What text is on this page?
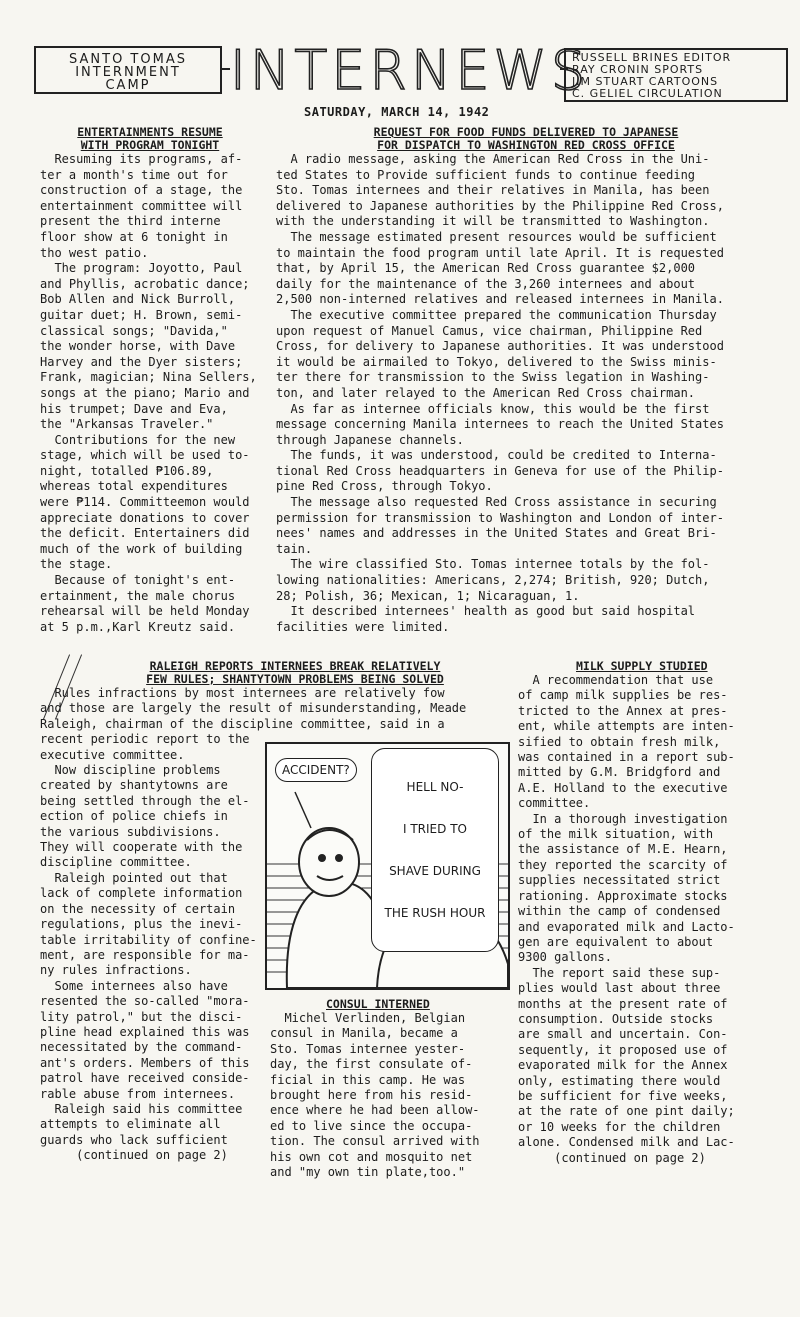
SANTO TOMAS
INTERNMENT
CAMP	INTERNEWS
RUSSELL BRINES EDITOR
RAY CRONIN SPORTS
JIM STUART CARTOONS
C. GELIEL CIRCULATION
SATURDAY, MARCH 14, 1942
ENTERTAINMENTS RESUME
WITH PROGRAM TONIGHT

Resuming its programs, af-

ter a month's time out for

construction of a stage, the

entertainment committee will

present the third interne

floor show at 6 tonight in

tho west patio.

The program: Joyotto, Paul

and Phyllis, acrobatic dance;

Bob Allen and Nick Burroll,

guitar duet; H. Brown, semi-

classical songs; "Davida,"

the wonder horse, with Dave

Harvey and the Dyer sisters;

Frank, magician; Nina Sellers,

songs at the piano; Mario and

his trumpet; Dave and Eva,

the "Arkansas Traveler."

Contributions for the new

stage, which will be used to-

night, totalled ₱106.89,

whereas total expenditures

were ₱114. Committeemon would

appreciate donations to cover

the deficit. Entertainers did

much of the work of building

the stage.

Because of tonight's ent-

ertainment, the male chorus

rehearsal will be held Monday

at 5 p.m.,Karl Kreutz said.

REQUEST FOR FOOD FUNDS DELIVERED TO JAPANESE
FOR DISPATCH TO WASHINGTON RED CROSS OFFICE

A radio message, asking the American Red Cross in the Uni-

ted States to Provide sufficient funds to continue feeding

Sto. Tomas internees and their relatives in Manila, has been

delivered to Japanese authorities by the Philippine Red Cross,

with the understanding it will be transmitted to Washington.

The message estimated present resources would be sufficient

to maintain the food program until late April. It is requested

that, by April 15, the American Red Cross guarantee $2,000

daily for the maintenance of the 3,260 internees and about

2,500 non-interned relatives and released internees in Manila.

The executive committee prepared the communication Thursday

upon request of Manuel Camus, vice chairman, Philippine Red

Cross, for delivery to Japanese authorities. It was understood

it would be airmailed to Tokyo, delivered to the Swiss minis-

ter there for transmission to the Swiss legation in Washing-

ton, and later relayed to the American Red Cross chairman.

As far as internee officials know, this would be the first

message concerning Manila internees to reach the United States

through Japanese channels.

The funds, it was understood, could be credited to Interna-

tional Red Cross headquarters in Geneva for use of the Philip-

pine Red Cross, through Tokyo.

The message also requested Red Cross assistance in securing

permission for transmission to Washington and London of inter-

nees' names and addresses in the United States and Great Bri-

tain.

The wire classified Sto. Tomas internee totals by the fol-

lowing nationalities: Americans, 2,274; British, 920; Dutch,

28; Polish, 36; Mexican, 1; Nicaraguan, 1.

It described internees' health as good but said hospital

facilities were limited.

RALEIGH REPORTS INTERNEES BREAK RELATIVELY
FEW RULES; SHANTYTOWN PROBLEMS BEING SOLVED

Rules infractions by most internees are relatively fow

and those are largely the result of misunderstanding, Meade

Raleigh, chairman of the discipline committee, said in a

recent periodic report to the

executive committee.

Now discipline problems

created by shantytowns are

being settled through the el-

ection of police chiefs in

the various subdivisions.

They will cooperate with the

discipline committee.

Raleigh pointed out that

lack of complete information

on the necessity of certain

regulations, plus the inevi-

table irritability of confine-

ment, are responsible for ma-

ny rules infractions.

Some internees also have

resented the so-called "mora-

lity patrol," but the disci-

pline head explained this was

necessitated by the command-

ant's orders. Members of this

patrol have received conside-

rable abuse from internees.

Raleigh said his committee

attempts to eliminate all

guards who lack sufficient

(continued on page 2)

ACCIDENT?

HELL NO-

I TRIED TO

SHAVE DURING

THE RUSH HOUR

CONSUL INTERNED

Michel Verlinden, Belgian

consul in Manila, became a

Sto. Tomas internee yester-

day, the first consulate of-

ficial in this camp. He was

brought here from his resid-

ence where he had been allow-

ed to live since the occupa-

tion. The consul arrived with

his own cot and mosquito net

and "my own tin plate,too."

MILK SUPPLY STUDIED

A recommendation that use

of camp milk supplies be res-

tricted to the Annex at pres-

ent, while attempts are inten-

sified to obtain fresh milk,

was contained in a report sub-

mitted by G.M. Bridgford and

A.E. Holland to the executive

committee.

In a thorough investigation

of the milk situation, with

the assistance of M.E. Hearn,

they reported the scarcity of

supplies necessitated strict

rationing. Approximate stocks

within the camp of condensed

and evaporated milk and Lacto-

gen are equivalent to about

9300 gallons.

The report said these sup-

plies would last about three

months at the present rate of

consumption. Outside stocks

are small and uncertain. Con-

sequently, it proposed use of

evaporated milk for the Annex

only, estimating there would

be sufficient for five weeks,

at the rate of one pint daily;

or 10 weeks for the children

alone. Condensed milk and Lac-

(continued on page 2)
